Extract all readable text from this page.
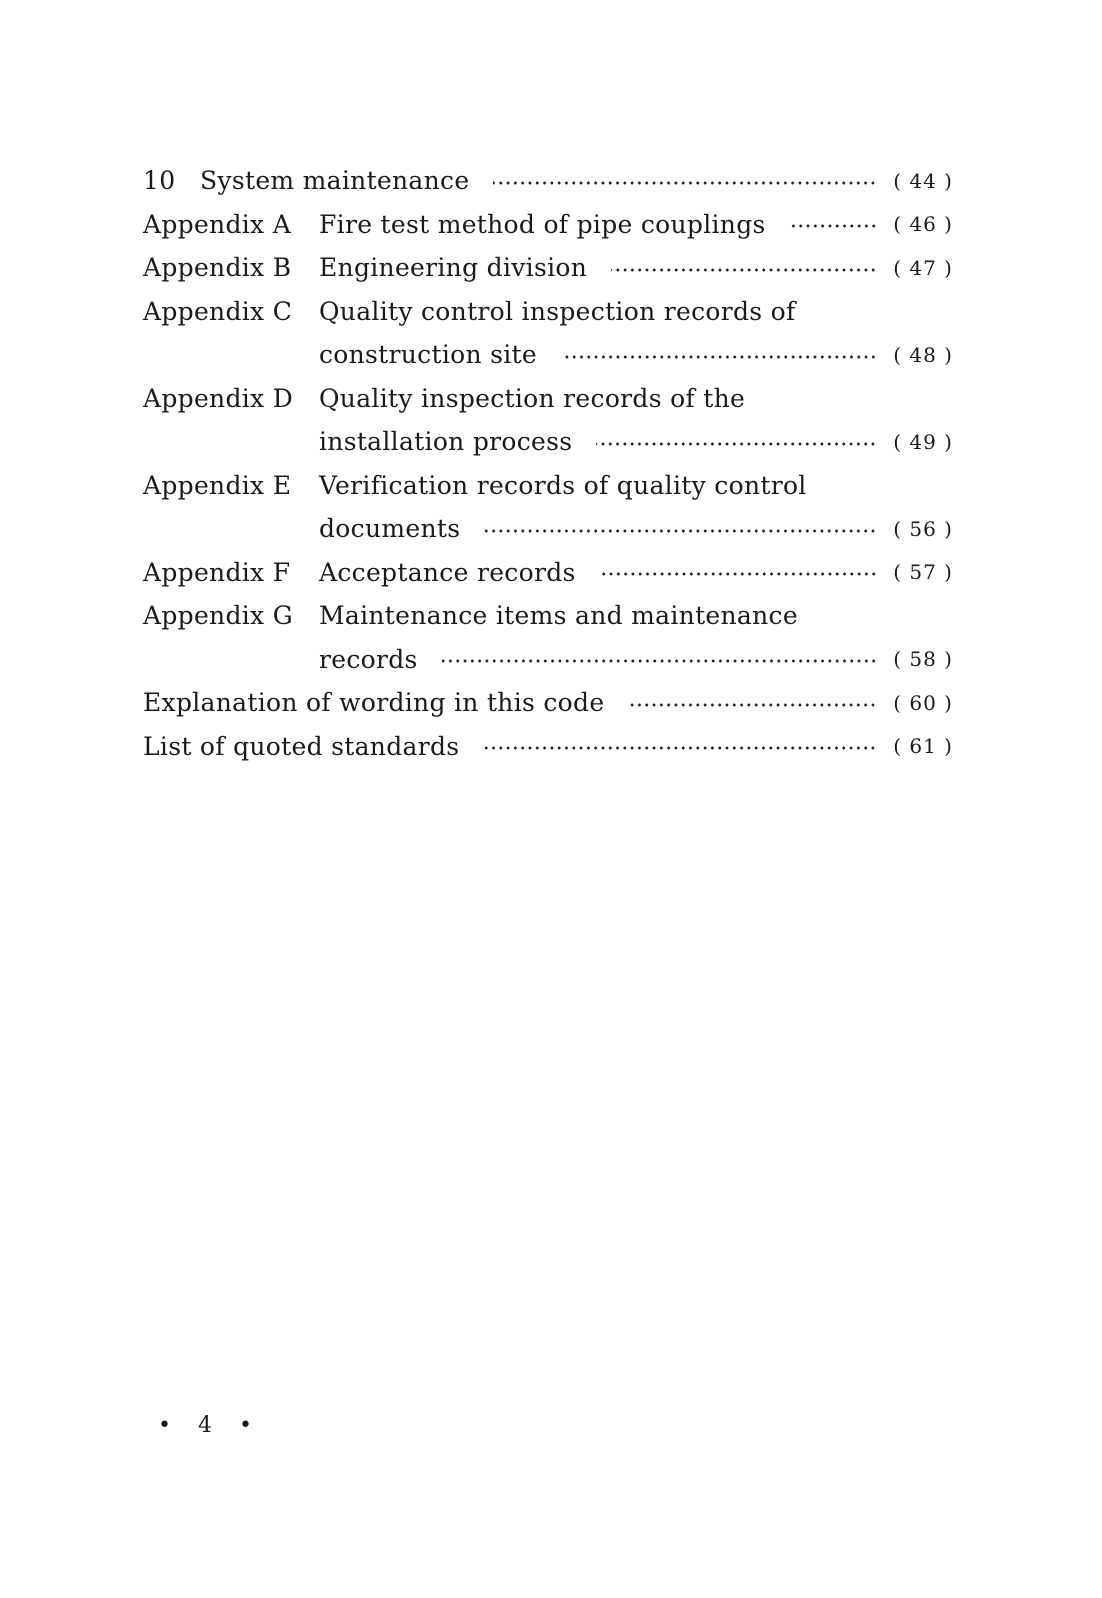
10 System maintenance	( 44 )
Appendix A Fire test method of pipe couplings	( 46 )
Appendix B Engineering division	( 47 )
Appendix C Quality control inspection records of
construction site	( 48 )
Appendix D Quality inspection records of the
installation process	( 49 )
Appendix E Verification records of quality control
documents	( 56 )
Appendix F Acceptance records	( 57 )
Appendix G Maintenance items and maintenance
records	( 58 )
Explanation of wording in this code	( 60 )
List of quoted standards	( 61 )
• 4 •
